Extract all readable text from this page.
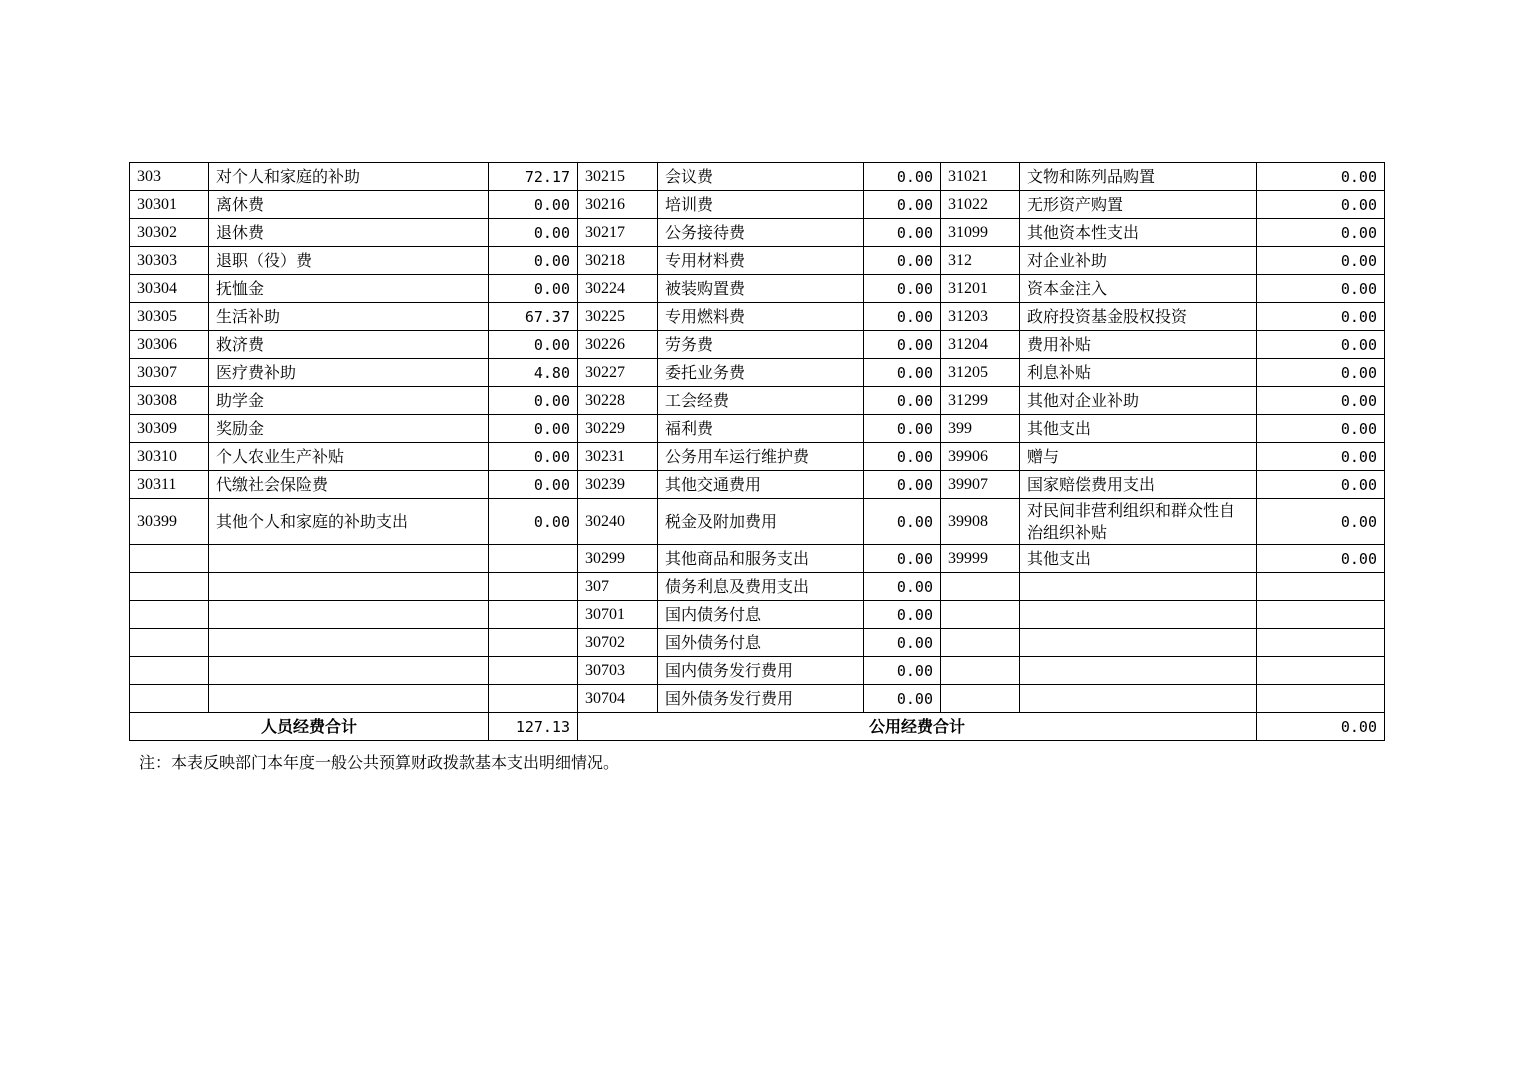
303	对个人和家庭的补助	72.17	30215	会议费	0.00	31021	文物和陈列品购置	0.00
30301	离休费	0.00	30216	培训费	0.00	31022	无形资产购置	0.00
30302	退休费	0.00	30217	公务接待费	0.00	31099	其他资本性支出	0.00
30303	退职（役）费	0.00	30218	专用材料费	0.00	312	对企业补助	0.00
30304	抚恤金	0.00	30224	被装购置费	0.00	31201	资本金注入	0.00
30305	生活补助	67.37	30225	专用燃料费	0.00	31203	政府投资基金股权投资	0.00
30306	救济费	0.00	30226	劳务费	0.00	31204	费用补贴	0.00
30307	医疗费补助	4.80	30227	委托业务费	0.00	31205	利息补贴	0.00
30308	助学金	0.00	30228	工会经费	0.00	31299	其他对企业补助	0.00
30309	奖励金	0.00	30229	福利费	0.00	399	其他支出	0.00
30310	个人农业生产补贴	0.00	30231	公务用车运行维护费	0.00	39906	赠与	0.00
30311	代缴社会保险费	0.00	30239	其他交通费用	0.00	39907	国家赔偿费用支出	0.00
30399	其他个人和家庭的补助支出	0.00	30240	税金及附加费用	0.00	39908	对民间非营利组织和群众性自治组织补贴	0.00
			30299	其他商品和服务支出	0.00	39999	其他支出	0.00
			307	债务利息及费用支出	0.00			
			30701	国内债务付息	0.00			
			30702	国外债务付息	0.00			
			30703	国内债务发行费用	0.00			
			30704	国外债务发行费用	0.00			
人员经费合计		127.13	公用经费合计					0.00
注：本表反映部门本年度一般公共预算财政拨款基本支出明细情况。
